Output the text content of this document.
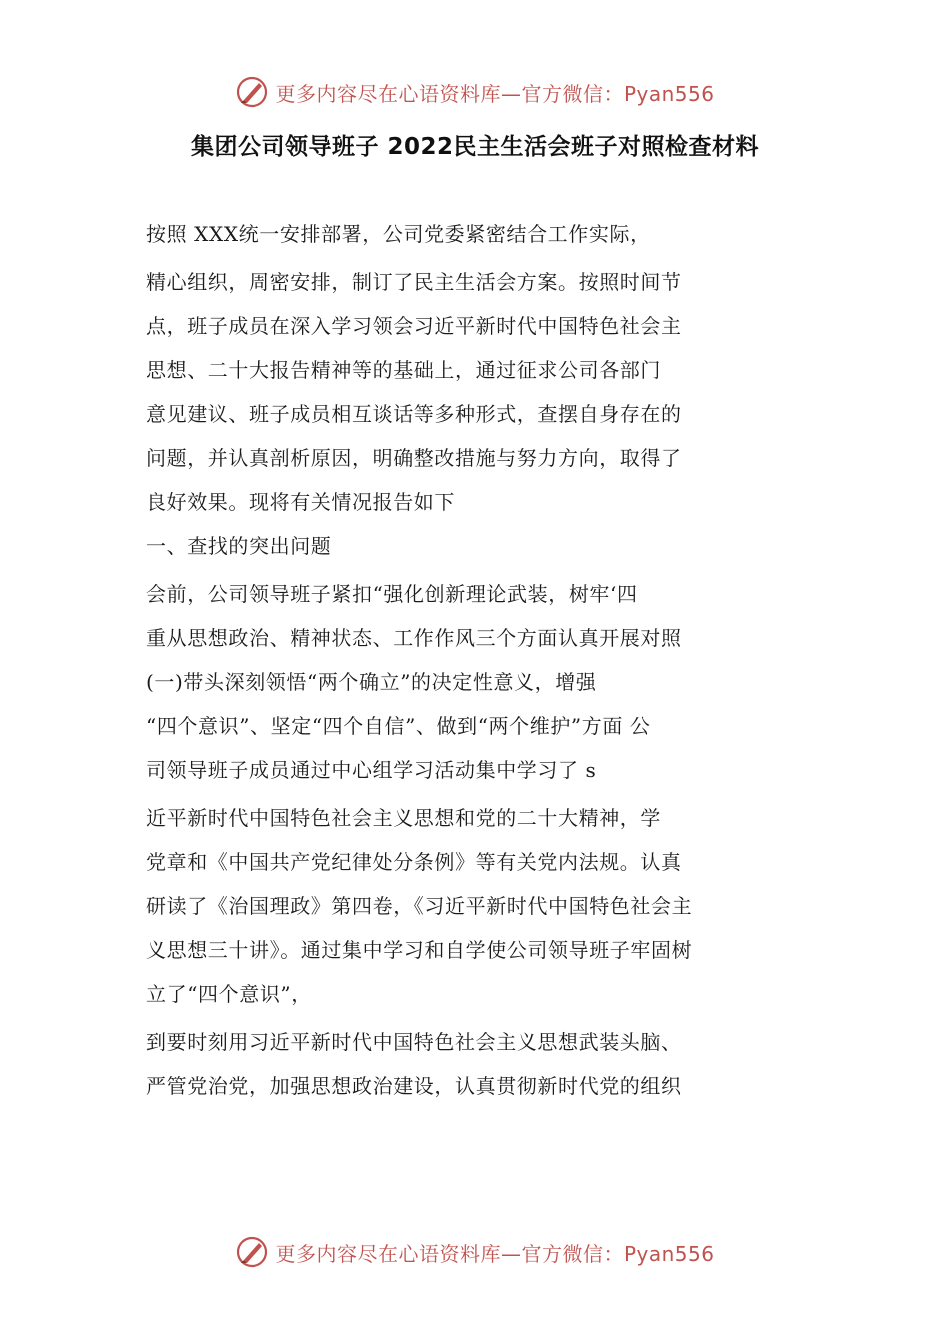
更多内容尽在心语资料库—官方微信：Pyan556
集团公司领导班子 2022民主生活会班子对照检查材料
按照 XXX统一安排部署，公司党委紧密结合工作实际，
精心组织，周密安排，制订了民主生活会方案。按照时间节
点，班子成员在深入学习领会习近平新时代中国特色社会主
思想、二十大报告精神等的基础上，通过征求公司各部门
意见建议、班子成员相互谈话等多种形式，查摆自身存在的
问题，并认真剖析原因，明确整改措施与努力方向，取得了
良好效果。现将有关情况报告如下
一、查找的突出问题
会前，公司领导班子紧扣“强化创新理论武装，树牢‘四
重从思想政治、精神状态、工作作风三个方面认真开展对照
(一)带头深刻领悟“两个确立”的决定性意义，增强
“四个意识”、坚定“四个自信”、做到“两个维护”方面 公
司领导班子成员通过中心组学习活动集中学习了 s
近平新时代中国特色社会主义思想和党的二十大精神，学
党章和《中国共产党纪律处分条例》等有关党内法规。认真
研读了《治国理政》第四卷，《习近平新时代中国特色社会主
义思想三十讲》。通过集中学习和自学使公司领导班子牢固树
立了“四个意识”，
到要时刻用习近平新时代中国特色社会主义思想武装头脑、
严管党治党，加强思想政治建设，认真贯彻新时代党的组织
更多内容尽在心语资料库—官方微信：Pyan556
